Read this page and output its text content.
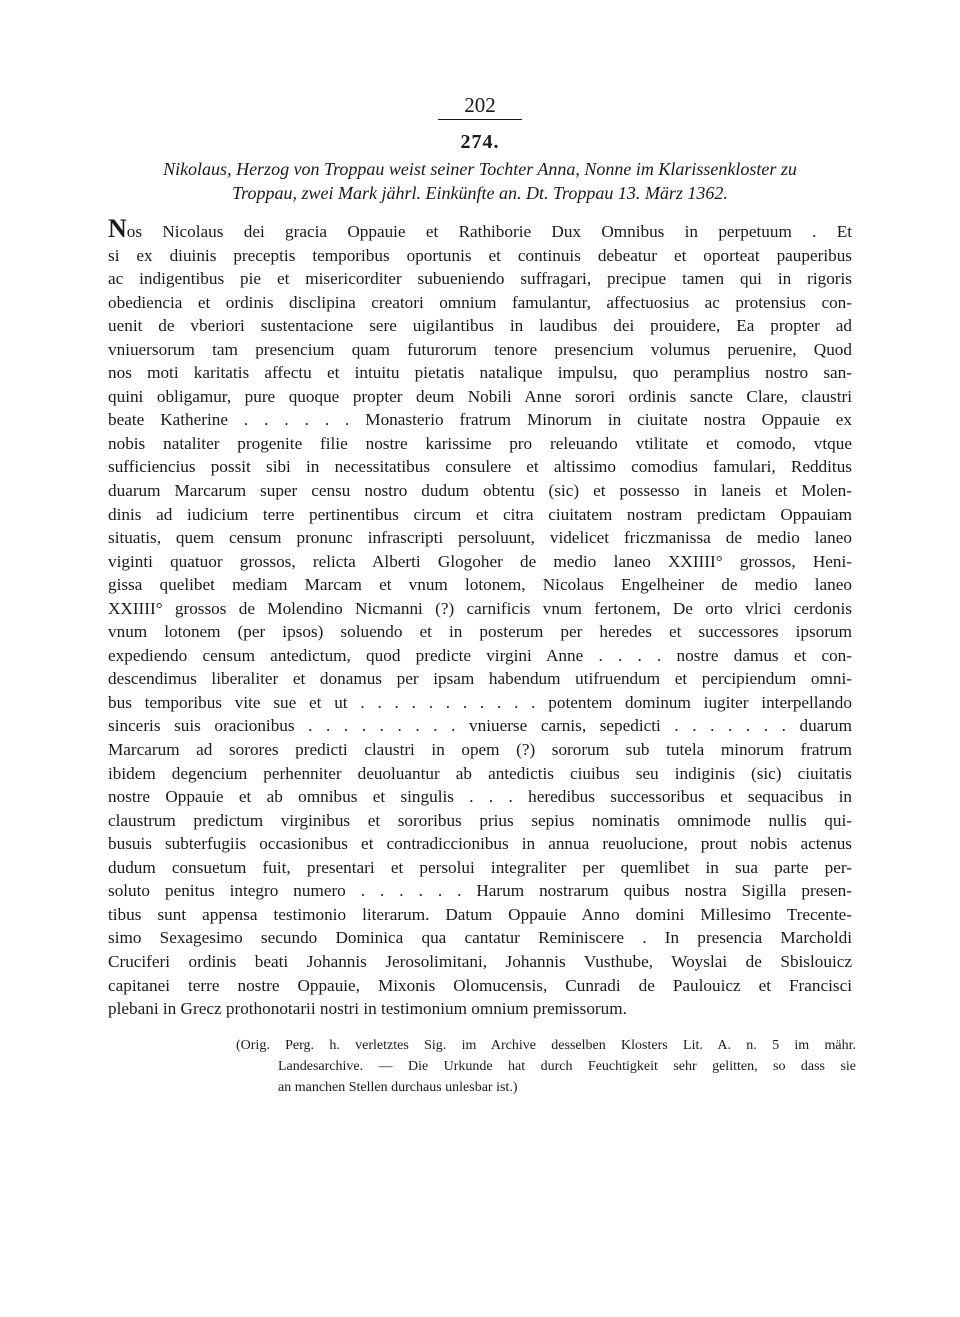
202
274.
Nikolaus, Herzog von Troppau weist seiner Tochter Anna, Nonne im Klarissenkloster zu
Troppau, zwei Mark jährl. Einkünfte an. Dt. Troppau 13. März 1362.
Nos Nicolaus dei gracia Oppauie et Rathiborie Dux Omnibus in perpetuum . Et
si ex diuinis preceptis temporibus oportunis et continuis debeatur et oporteat pauperibus
ac indigentibus pie et misericorditer subueniendo suffragari, precipue tamen qui in rigoris
obediencia et ordinis disclipina creatori omnium famulantur, affectuosius ac protensius con-
uenit de vberiori sustentacione sere uigilantibus in laudibus dei prouidere, Ea propter ad
vniuersorum tam presencium quam futurorum tenore presencium volumus peruenire, Quod
nos moti karitatis affectu et intuitu pietatis natalique impulsu, quo peramplius nostro san-
quini obligamur, pure quoque propter deum Nobili Anne sorori ordinis sancte Clare, claustri
beate Katherine . . . . . . Monasterio fratrum Minorum in ciuitate nostra Oppauie ex
nobis nataliter progenite filie nostre karissime pro releuando vtilitate et comodo, vtque
sufficiencius possit sibi in necessitatibus consulere et altissimo comodius famulari, Redditus
duarum Marcarum super censu nostro dudum obtentu (sic) et possesso in laneis et Molen-
dinis ad iudicium terre pertinentibus circum et citra ciuitatem nostram predictam Oppauiam
situatis, quem censum pronunc infrascripti persoluunt, videlicet friczmanissa de medio laneo
viginti quatuor grossos, relicta Alberti Glogoher de medio laneo XXIIII° grossos, Heni-
gissa quelibet mediam Marcam et vnum lotonem, Nicolaus Engelheiner de medio laneo
XXIIII° grossos de Molendino Nicmanni (?) carnificis vnum fertonem, De orto vlrici cerdonis
vnum lotonem (per ipsos) soluendo et in posterum per heredes et successores ipsorum
expediendo censum antedictum, quod predicte virgini Anne . . . . nostre damus et con-
descendimus liberaliter et donamus per ipsam habendum utifruendum et percipiendum omni-
bus temporibus vite sue et ut . . . . . . . . . . . potentem dominum iugiter interpellando
sinceris suis oracionibus . . . . . . . . . vniuerse carnis, sepedicti . . . . . . . duarum
Marcarum ad sorores predicti claustri in opem (?) sororum sub tutela minorum fratrum
ibidem degencium perhenniter deuoluantur ab antedictis ciuibus seu indiginis (sic) ciuitatis
nostre Oppauie et ab omnibus et singulis . . . heredibus successoribus et sequacibus in
claustrum predictum virginibus et sororibus prius sepius nominatis omnimode nullis qui-
busuis subterfugiis occasionibus et contradiccionibus in annua reuolucione, prout nobis actenus
dudum consuetum fuit, presentari et persolui integraliter per quemlibet in sua parte per-
soluto penitus integro numero . . . . . . Harum nostrarum quibus nostra Sigilla presen-
tibus sunt appensa testimonio literarum. Datum Oppauie Anno domini Millesimo Trecente-
simo Sexagesimo secundo Dominica qua cantatur Reminiscere . In presencia Marcholdi
Cruciferi ordinis beati Johannis Jerosolimitani, Johannis Vusthube, Woyslai de Sbislouicz
capitanei terre nostre Oppauie, Mixonis Olomucensis, Cunradi de Paulouicz et Francisci
plebani in Grecz prothonotarii nostri in testimonium omnium premissorum.
(Orig. Perg. h. verletztes Sig. im Archive desselben Klosters Lit. A. n. 5 im mähr.
Landesarchive. — Die Urkunde hat durch Feuchtigkeit sehr gelitten, so dass sie
an manchen Stellen durchaus unlesbar ist.)
